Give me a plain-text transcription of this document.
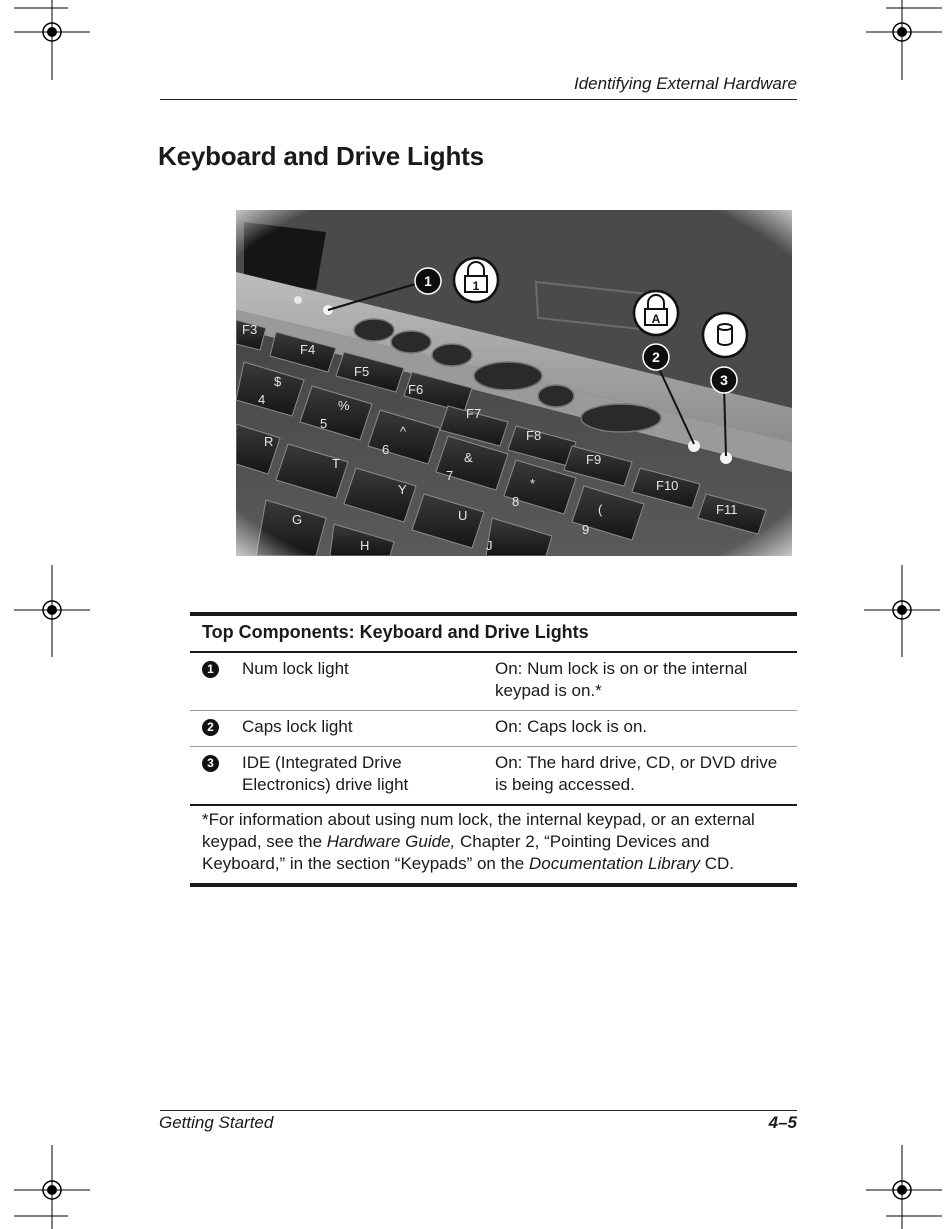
Identifying External Hardware
Keyboard and Drive Lights

Top Components: Keyboard and Drive Lights		
1	Num lock light	On: Num lock is on or the internal keypad is on.*
2	Caps lock light	On: Caps lock is on.
3	IDE (Integrated Drive Electronics) drive light	On: The hard drive, CD, or DVD drive is being accessed.
*For information about using num lock, the internal keypad, or an external keypad, see the Hardware Guide, Chapter 2, “Pointing Devices and Keyboard,” in the section “Keypads” on the Documentation Library CD.		

Getting Started	4–5
